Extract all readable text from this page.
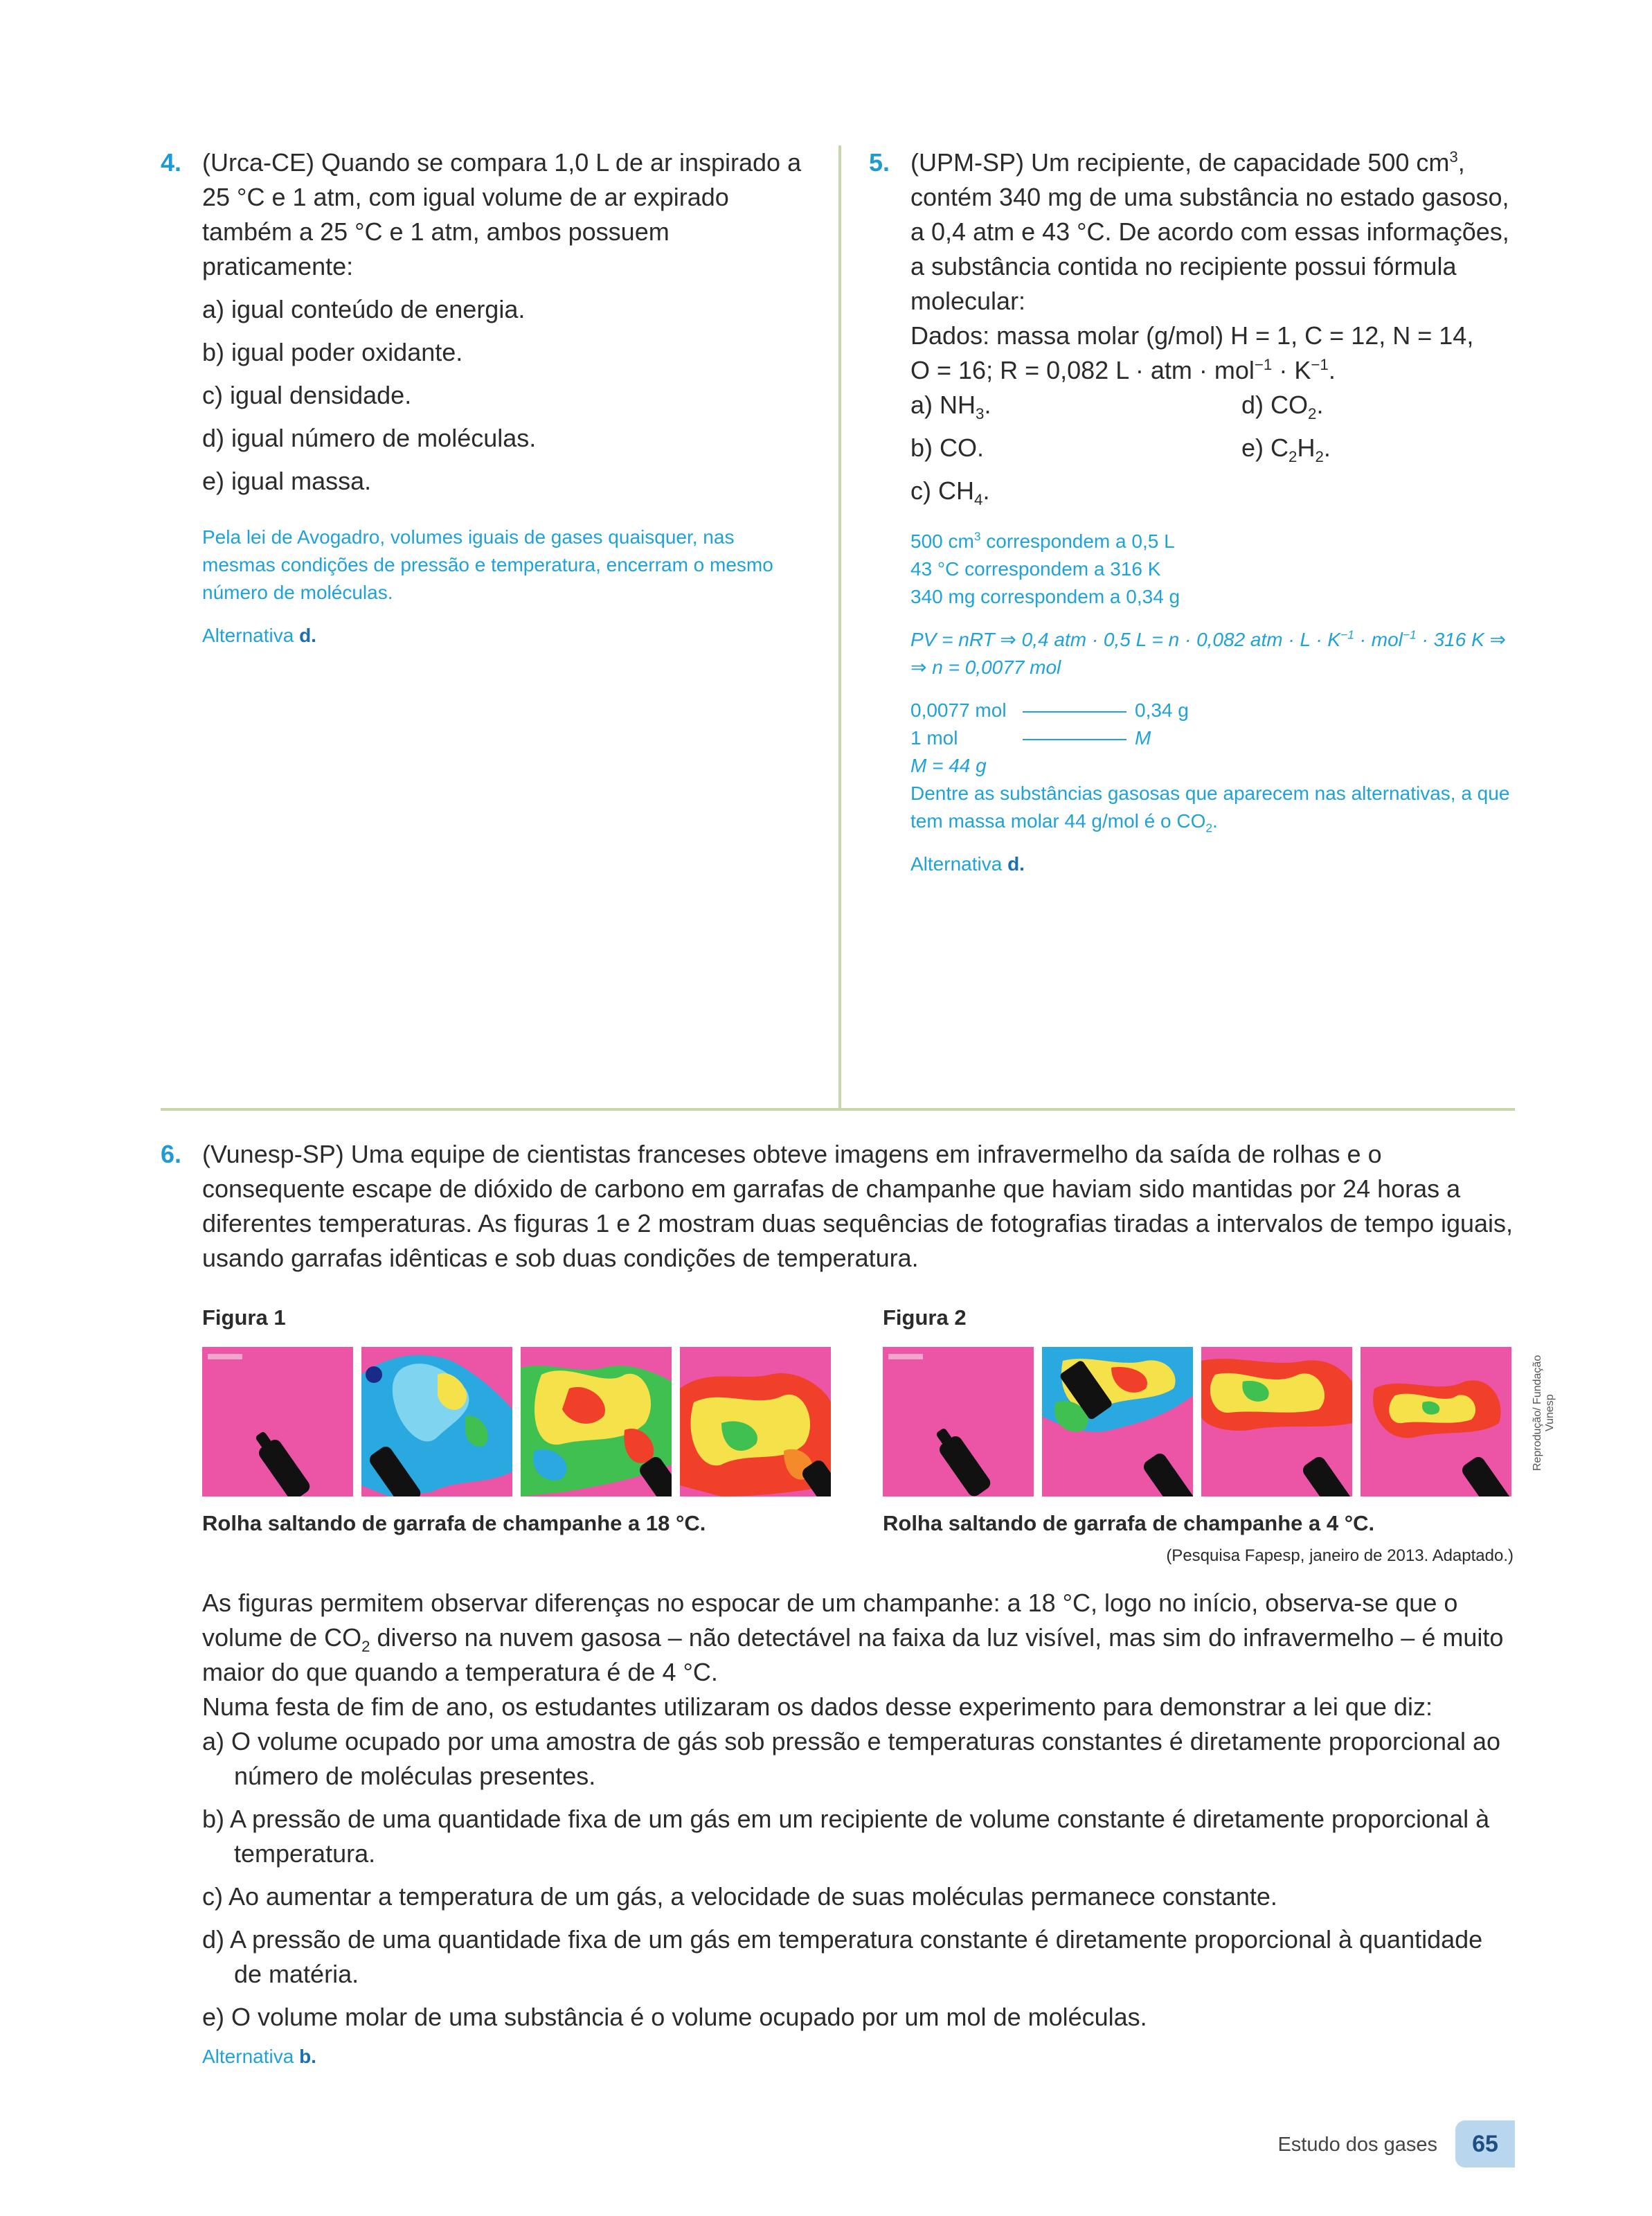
4. (Urca-CE) Quando se compara 1,0 L de ar inspirado a 25 °C e 1 atm, com igual volume de ar expirado também a 25 °C e 1 atm, ambos possuem praticamente:
a) igual conteúdo de energia.
b) igual poder oxidante.
c) igual densidade.
d) igual número de moléculas.
e) igual massa.
Pela lei de Avogadro, volumes iguais de gases quaisquer, nas mesmas condições de pressão e temperatura, encerram o mesmo número de moléculas.
Alternativa d.
5. (UPM-SP) Um recipiente, de capacidade 500 $cm^3$, contém 340 mg de uma substância no estado gasoso, a 0,4 atm e 43 °C. De acordo com essas informações, a substância contida no recipiente possui fórmula molecular:
Dados: massa molar (g/mol) H = 1, C = 12, N = 14,
O = 16; R = 0,082 L · atm · $mol^{-1} \cdot K^{-1}$.
a) $NH_3$.
b) CO.
c) $CH_4$.
d) $CO_2$.
e) $C_2H_2$.
500 $cm^3$ correspondem a 0,5 L
43 °C correspondem a 316 K
340 mg correspondem a 0,34 g
PV = nRT ⇒ 0,4 atm · 0,5 L = n · 0,082 atm · $L \cdot K^{-1} \cdot mol^{-1} \cdot 316$ K ⇒
⇒ n = 0,0077 mol
0,0077 mol	0,34 g
1 mol	M
M = 44 g
Dentre as substâncias gasosas que aparecem nas alternativas, a que tem massa molar 44 g/mol é o $CO_2$.
Alternativa d.
6. (Vunesp-SP) Uma equipe de cientistas franceses obteve imagens em infravermelho da saída de rolhas e o consequente escape de dióxido de carbono em garrafas de champanhe que haviam sido mantidas por 24 horas a diferentes temperaturas. As figuras 1 e 2 mostram duas sequências de fotografias tiradas a intervalos de tempo iguais, usando garrafas idênticas e sob duas condições de temperatura.
Figura 1	Figura 2
Reprodução/ Fundação Vunesp
Rolha saltando de garrafa de champanhe a 18 °C.	Rolha saltando de garrafa de champanhe a 4 °C.
(Pesquisa Fapesp, janeiro de 2013. Adaptado.)
As figuras permitem observar diferenças no espocar de um champanhe: a 18 °C, logo no início, observa-se que o volume de $CO_2$ diverso na nuvem gasosa – não detectável na faixa da luz visível, mas sim do infravermelho – é muito maior do que quando a temperatura é de 4 °C.
Numa festa de fim de ano, os estudantes utilizaram os dados desse experimento para demonstrar a lei que diz:
a) O volume ocupado por uma amostra de gás sob pressão e temperaturas constantes é diretamente proporcional ao número de moléculas presentes.
b) A pressão de uma quantidade fixa de um gás em um recipiente de volume constante é diretamente proporcional à temperatura.
c) Ao aumentar a temperatura de um gás, a velocidade de suas moléculas permanece constante.
d) A pressão de uma quantidade fixa de um gás em temperatura constante é diretamente proporcional à quantidade de matéria.
e) O volume molar de uma substância é o volume ocupado por um mol de moléculas.
Alternativa b.
Estudo dos gases	65
